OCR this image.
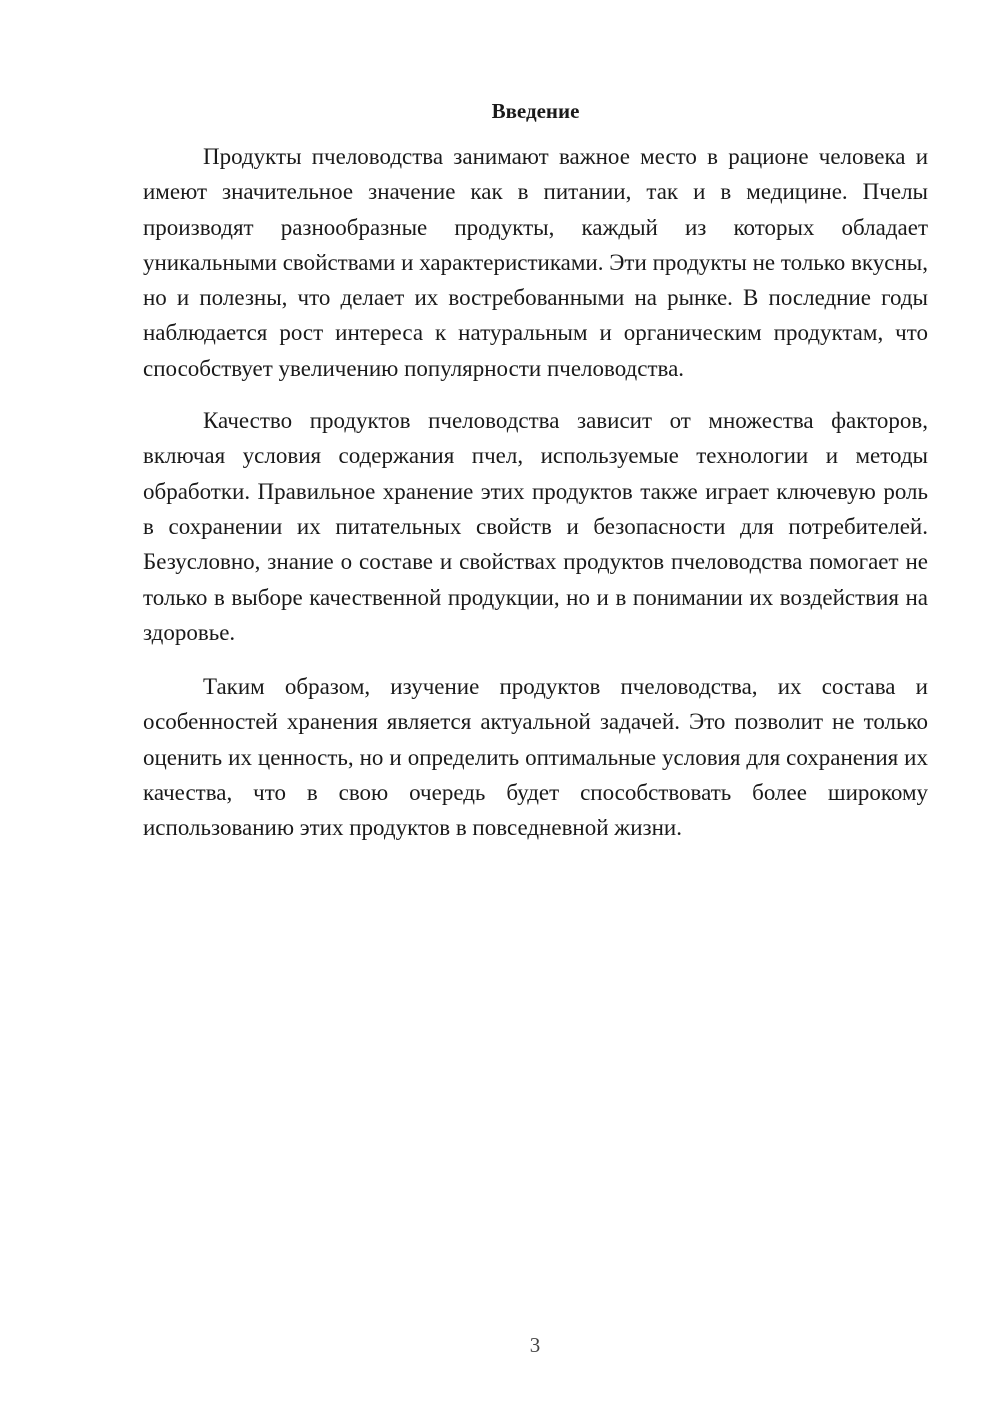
Введение

Продукты пчеловодства занимают важное место в рационе человека и имеют значительное значение как в питании, так и в медицине. Пчелы производят разнообразные продукты, каждый из которых обладает уникальными свойствами и характеристиками. Эти продукты не только вкусны, но и полезны, что делает их востребованными на рынке. В последние годы наблюдается рост интереса к натуральным и органическим продуктам, что способствует увеличению популярности пчеловодства.

Качество продуктов пчеловодства зависит от множества факторов, включая условия содержания пчел, используемые технологии и методы обработки. Правильное хранение этих продуктов также играет ключевую роль в сохранении их питательных свойств и безопасности для потребителей. Безусловно, знание о составе и свойствах продуктов пчеловодства помогает не только в выборе качественной продукции, но и в понимании их воздействия на здоровье.

Таким образом, изучение продуктов пчеловодства, их состава и особенностей хранения является актуальной задачей. Это позволит не только оценить их ценность, но и определить оптимальные условия для сохранения их качества, что в свою очередь будет способствовать более широкому использованию этих продуктов в повседневной жизни.

3
